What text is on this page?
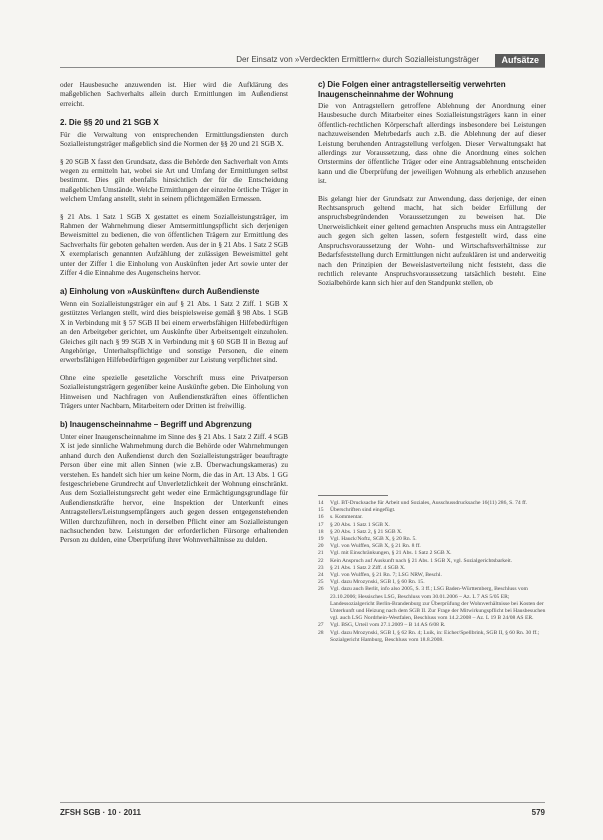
Der Einsatz von »Verdeckten Ermittlern« durch Sozialleistungsträger	Aufsätze

oder Hausbesuche anzuwenden ist. Hier wird die Aufklärung des maßgeblichen Sachverhalts allein durch Ermittlungen im Außendienst erreicht.

2. Die §§ 20 und 21 SGB X

Für die Verwaltung von entsprechenden Ermittlungsdiensten durch Sozialleistungsträger maßgeblich sind die Normen der §§ 20 und 21 SGB X.

§ 20 SGB X fasst den Grundsatz, dass die Behörde den Sachverhalt von Amts wegen zu ermitteln hat, wobei sie Art und Umfang der Ermittlungen selbst bestimmt. Dies gilt ebenfalls hinsichtlich der für die Entscheidung maßgeblichen Umstände. Welche Ermittlungen der einzelne örtliche Träger in welchem Umfang anstellt, steht in seinem pflichtgemäßen Ermessen.

§ 21 Abs. 1 Satz 1 SGB X gestattet es einem Sozialleistungsträger, im Rahmen der Wahrnehmung dieser Amtsermittlungspflicht sich derjenigen Beweismittel zu bedienen, die von öffentlichen Trägern zur Ermittlung des Sachverhalts für geboten gehalten werden. Aus der in § 21 Abs. 1 Satz 2 SGB X exemplarisch genannten Aufzählung der zulässigen Beweismittel geht unter der Ziffer 1 die Einholung von Auskünften jeder Art sowie unter der Ziffer 4 die Einnahme des Augenscheins hervor.

a) Einholung von »Auskünften« durch Außendienste

Wenn ein Sozialleistungsträger ein auf § 21 Abs. 1 Satz 2 Ziff. 1 SGB X gestütztes Verlangen stellt, wird dies beispielsweise gemäß § 98 Abs. 1 SGB X in Verbindung mit § 57 SGB II bei einem erwerbsfähigen Hilfebedürftigen an den Arbeitgeber gerichtet, um Auskünfte über Arbeitsentgelt einzuholen. Gleiches gilt nach § 99 SGB X in Verbindung mit § 60 SGB II in Bezug auf Angehörige, Unterhaltspflichtige und sonstige Personen, die einem erwerbsfähigen Hilfebedürftigen gegenüber zur Leistung verpflichtet sind.

Ohne eine spezielle gesetzliche Vorschrift muss eine Privatperson Sozialleistungsträgern gegenüber keine Auskünfte geben. Die Einholung von Hinweisen und Nachfragen von Außendienstkräften eines öffentlichen Trägers unter Nachbarn, Mitarbeitern oder Dritten ist freiwillig.

b) Inaugenscheinnahme – Begriff und Abgrenzung

Unter einer Inaugenscheinnahme im Sinne des § 21 Abs. 1 Satz 2 Ziff. 4 SGB X ist jede sinnliche Wahrnehmung durch die Behörde oder Wahrnehmungen anhand durch den Außendienst durch den Sozialleistungsträger beauftragte Person über eine mit allen Sinnen (wie z.B. Überwachungskameras) zu verstehen. Es handelt sich hier um keine Norm, die das in Art. 13 Abs. 1 GG festgeschriebene Grundrecht auf Unverletzlichkeit der Wohnung einschränkt. Aus dem Sozialleistungsrecht geht weder eine Ermächtigungsgrundlage für Außendienstkräfte hervor, eine Inspektion der Unterkunft eines Antragstellers/Leistungsempfängers auch gegen dessen entgegenstehenden Willen durchzuführen, noch in derselben Pflicht einer am Sozialleistungen nachsuchenden bzw. Leistungen der erforderlichen Fürsorge erhaltenden Person zu dulden, eine Überprüfung ihrer Wohnverhältnisse zu dulden.

c) Die Folgen einer antragstellerseitig verwehrten Inaugenscheinnahme der Wohnung

Die von Antragstellern getroffene Ablehnung der Anordnung einer Hausbesuche durch Mitarbeiter eines Sozialleistungsträgers kann in einer öffentlich-rechtlichen Körperschaft allerdings insbesondere bei Leistungen nachzuweisenden Mehrbedarfs auch z.B. die Ablehnung der auf dieser Leistung beruhenden Antragstellung verfolgen. Dieser Verwaltungsakt hat allerdings zur Voraussetzung, dass ohne die Anordnung eines solchen Ortstermins der öffentliche Träger oder eine Antragsablehnung entscheiden kann und die Überprüfung der jeweiligen Wohnung als erheblich anzusehen ist.

Bis gelangt hier der Grundsatz zur Anwendung, dass derjenige, der einen Rechtsanspruch geltend macht, hat sich beider Erfüllung der anspruchsbegründenden Voraussetzungen zu beweisen hat. Die Unerweislichkeit einer geltend gemachten Anspruchs muss ein Antragsteller auch gegen sich gelten lassen, sofern festgestellt wird, dass eine Anspruchsvoraussetzung der Wohn- und Wirtschaftsverhältnisse zur Bedarfsfeststellung durch Ermittlungen nicht aufzuklären ist und anderweitig nach den Prinzipien der Beweislastverteilung nicht feststeht, dass die rechtlich relevante Anspruchsvoraussetzung tatsächlich besteht. Eine Sozialbehörde kann sich hier auf den Standpunkt stellen, ob

14	Vgl. BT-Drucksache für Arbeit und Soziales, Ausschussdrucksache 16(11) 286, S. 74 ff.
15	Überschriften sind eingefügt.
16	s. Kommentar.
17	§ 20 Abs. 1 Satz 1 SGB X.
18	§ 20 Abs. 1 Satz 2, § 21 SGB X.
19	Vgl. Hauck/Noftz, SGB X, § 20 Rn. 5.
20	Vgl. von Wulffen, SGB X, § 21 Rn. 8 ff.
21	Vgl. mit Einschränkungen, § 21 Abs. 1 Satz 2 SGB X.
22	Kein Anspruch auf Auskunft nach § 21 Abs. 1 SGB X, vgl. Sozialgerichtsbarkeit.
23	§ 21 Abs. 1 Satz 2 Ziff. 4 SGB X.
24	Vgl. von Wulffen, § 21 Rn. 7; LSG NRW, Beschl.
25	Vgl. dazu Mrozynski, SGB I, § 60 Rn. 15.
26	Vgl. dazu auch Berlit, info also 2005, S. 3 ff.; LSG Baden-Württemberg, Beschluss vom 23.10.2006; Hessisches LSG, Beschluss vom 30.01.2006 – Az. L 7 AS 5/05 ER; Landessozialgericht Berlin-Brandenburg zur Überprüfung der Wohnverhältnisse bei Kosten der Unterkunft und Heizung nach dem SGB II. Zur Frage der Mitwirkungspflicht bei Hausbesuchen vgl. auch LSG Nordrhein-Westfalen, Beschluss vom 14.2.2008 – Az. L 19 B 24/08 AS ER.
27	Vgl. BSG, Urteil vom 27.1.2009 – B 14 AS 6/08 R.
28	Vgl. dazu Mrozynski, SGB I, § 62 Rn. 4; Luik, in: Eicher/Spellbrink, SGB II, § 60 Rn. 30 ff.; Sozialgericht Hamburg, Beschluss vom 18.8.2008.
ZFSH SGB · 10 · 2011	579
